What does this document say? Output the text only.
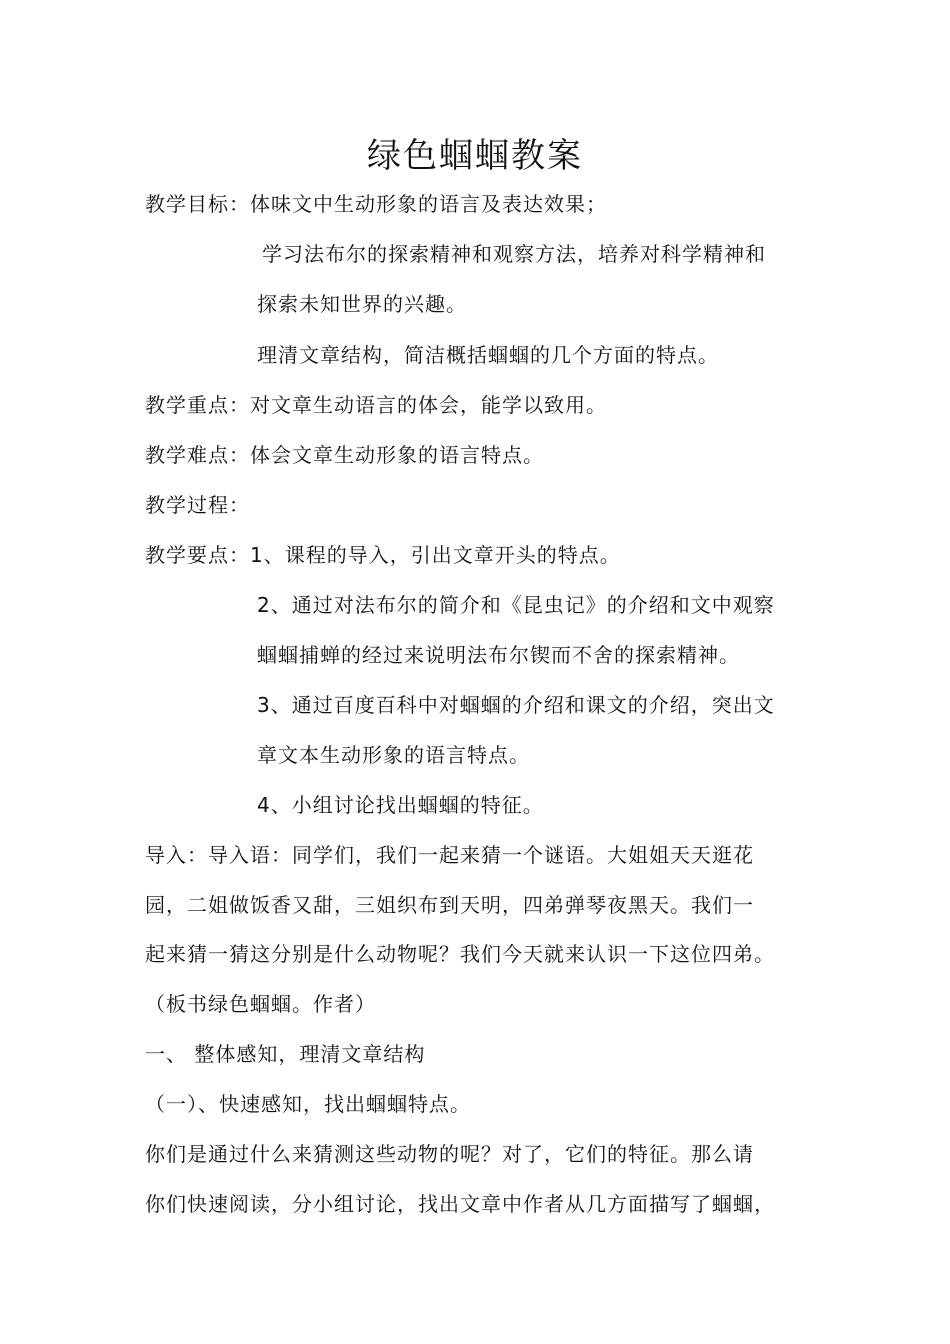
绿色蝈蝈教案
教学目标：体味文中生动形象的语言及表达效果；
学习法布尔的探索精神和观察方法，培养对科学精神和
探索未知世界的兴趣。
理清文章结构，简洁概括蝈蝈的几个方面的特点。
教学重点：对文章生动语言的体会，能学以致用。
教学难点：体会文章生动形象的语言特点。
教学过程：
教学要点：1、课程的导入，引出文章开头的特点。
2、通过对法布尔的简介和《昆虫记》的介绍和文中观察
蝈蝈捕蝉的经过来说明法布尔锲而不舍的探索精神。
3、通过百度百科中对蝈蝈的介绍和课文的介绍，突出文
章文本生动形象的语言特点。
4、小组讨论找出蝈蝈的特征。
导入：导入语：同学们，我们一起来猜一个谜语。大姐姐天天逛花
园，二姐做饭香又甜，三姐织布到天明，四弟弹琴夜黑天。我们一
起来猜一猜这分别是什么动物呢？我们今天就来认识一下这位四弟。
（板书绿色蝈蝈。作者）
一、 整体感知，理清文章结构
（一）、快速感知，找出蝈蝈特点。
你们是通过什么来猜测这些动物的呢？对了，它们的特征。那么请
你们快速阅读，分小组讨论，找出文章中作者从几方面描写了蝈蝈，
